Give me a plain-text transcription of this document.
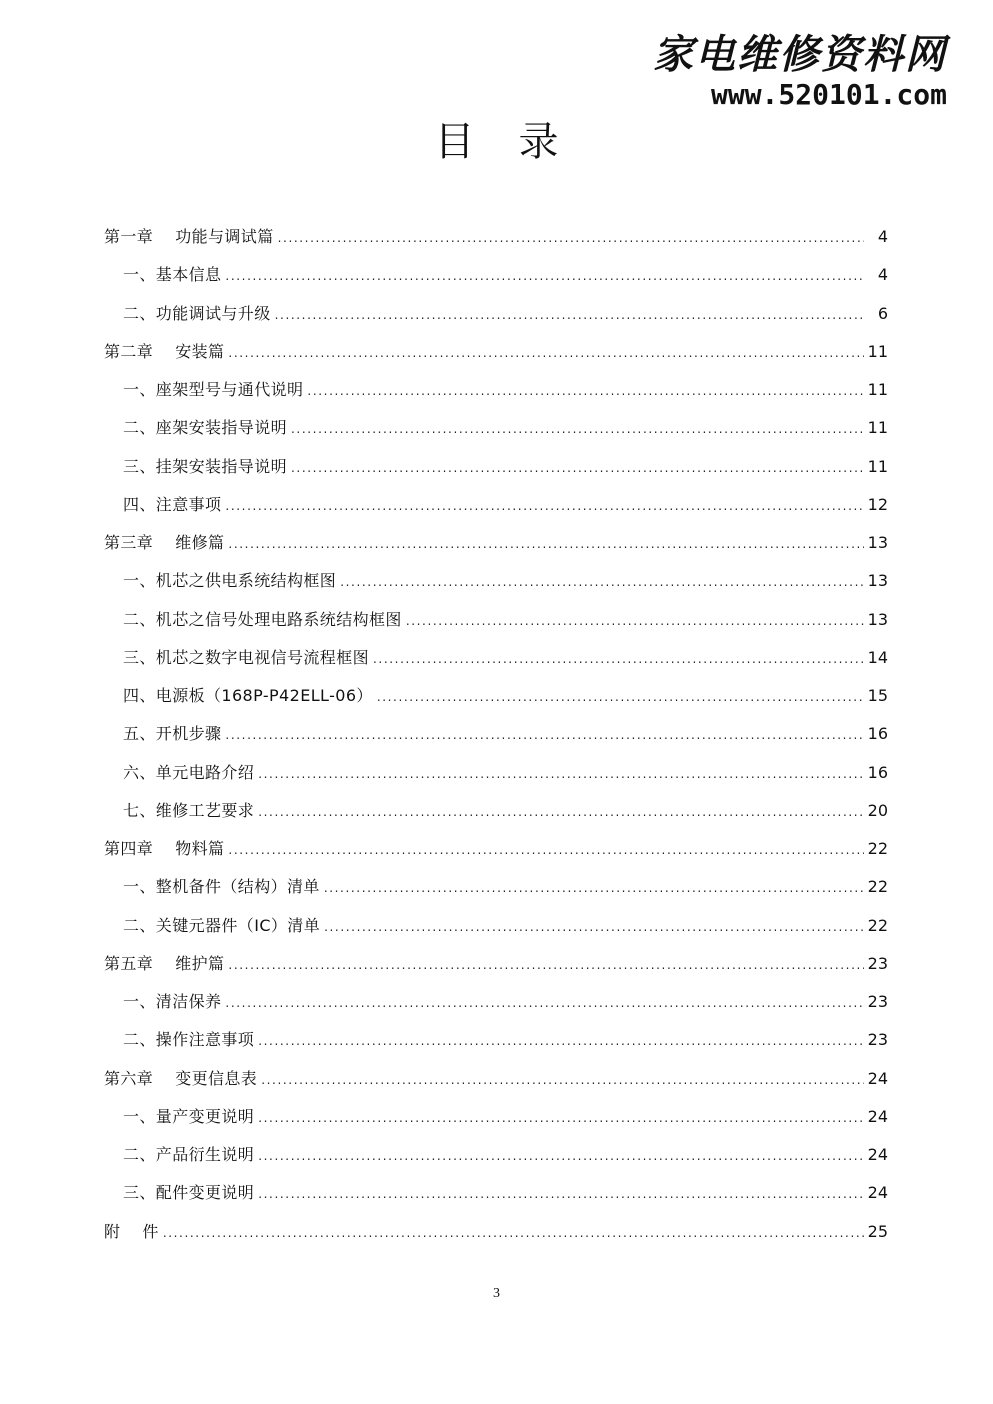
家电维修资料网
www.520101.com
目录
第一章 功能与调试篇 .....	4
一、基本信息 .....	4
二、功能调试与升级 .....	6
第二章 安装篇 .....	11
一、座架型号与通代说明 .....	11
二、座架安装指导说明 .....	11
三、挂架安装指导说明 .....	11
四、注意事项 .....	12
第三章 维修篇 .....	13
一、机芯之供电系统结构框图 .....	13
二、机芯之信号处理电路系统结构框图 .....	13
三、机芯之数字电视信号流程框图 .....	14
四、电源板（168P-P42ELL-06） .....	15
五、开机步骤 .....	16
六、单元电路介绍 .....	16
七、维修工艺要求 .....	20
第四章 物料篇 .....	22
一、整机备件（结构）清单 .....	22
二、关键元器件（IC）清单 .....	22
第五章 维护篇 .....	23
一、清洁保养 .....	23
二、操作注意事项 .....	23
第六章 变更信息表 .....	24
一、量产变更说明 .....	24
二、产品衍生说明 .....	24
三、配件变更说明 .....	24
附 件 .....	25
3
